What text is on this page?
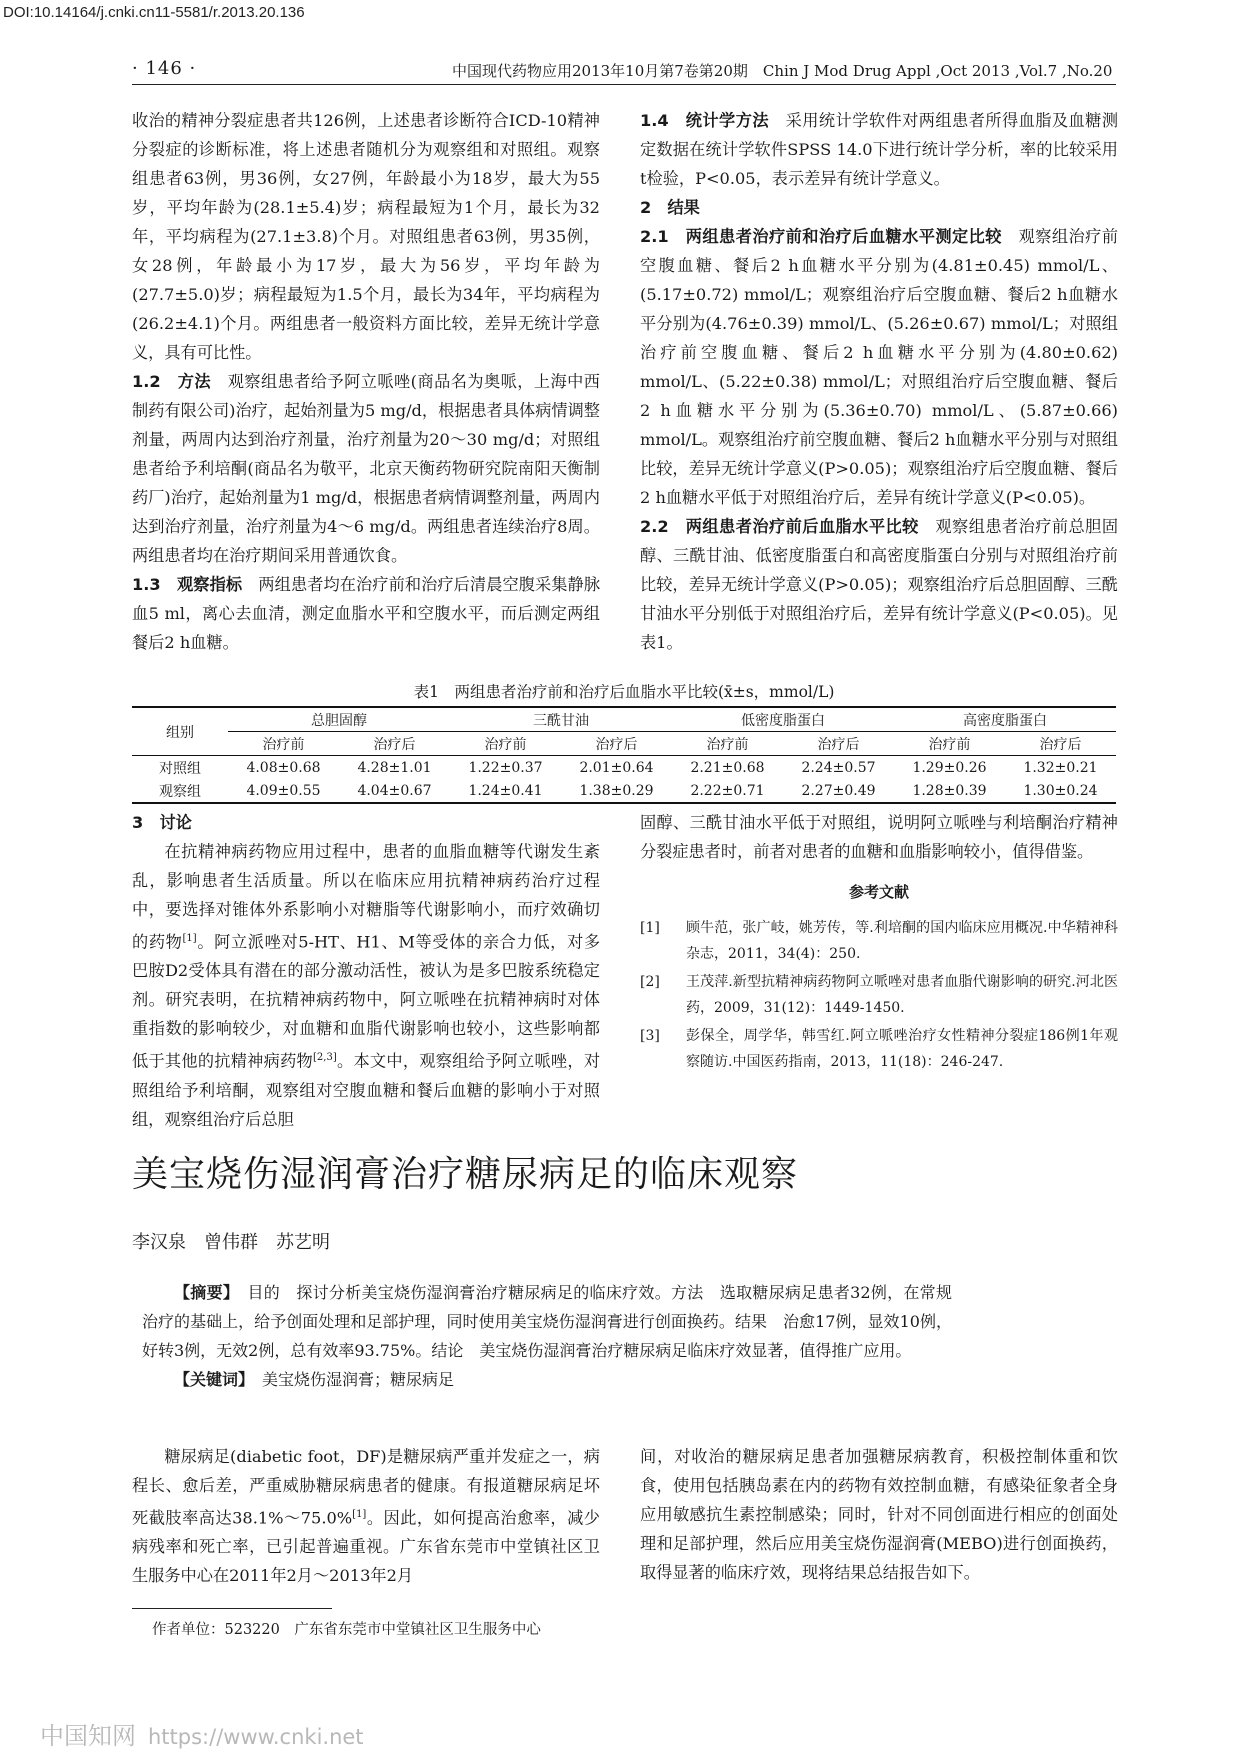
DOI:10.14164/j.cnki.cn11-5581/r.2013.20.136
· 146 ·	中国现代药物应用2013年10月第7卷第20期　Chin J Mod Drug Appl ,Oct 2013 ,Vol.7 ,No.20

收治的精神分裂症患者共126例，上述患者诊断符合ICD-10精神分裂症的诊断标准，将上述患者随机分为观察组和对照组。观察组患者63例，男36例，女27例，年龄最小为18岁，最大为55岁，平均年龄为(28.1±5.4)岁；病程最短为1个月，最长为32年，平均病程为(27.1±3.8)个月。对照组患者63例，男35例，女28例，年龄最小为17岁，最大为56岁，平均年龄为(27.7±5.0)岁；病程最短为1.5个月，最长为34年，平均病程为(26.2±4.1)个月。两组患者一般资料方面比较，差异无统计学意义，具有可比性。

1.2　方法　 观察组患者给予阿立哌唑(商品名为奥哌，上海中西制药有限公司)治疗，起始剂量为5 mg/d，根据患者具体病情调整剂量，两周内达到治疗剂量，治疗剂量为20～30 mg/d；对照组患者给予利培酮(商品名为敬平，北京天衡药物研究院南阳天衡制药厂)治疗，起始剂量为1 mg/d，根据患者病情调整剂量，两周内达到治疗剂量，治疗剂量为4～6 mg/d。两组患者连续治疗8周。两组患者均在治疗期间采用普通饮食。

1.3　观察指标　 两组患者均在治疗前和治疗后清晨空腹采集静脉血5 ml，离心去血清，测定血脂水平和空腹水平，而后测定两组餐后2 h血糖。

1.4　统计学方法　 采用统计学软件对两组患者所得血脂及血糖测定数据在统计学软件SPSS 14.0下进行统计学分析，率的比较采用t检验，P<0.05，表示差异有统计学意义。

2　结果

2.1　两组患者治疗前和治疗后血糖水平测定比较　 观察组治疗前空腹血糖、餐后2 h血糖水平分别为(4.81±0.45) mmol/L、(5.17±0.72) mmol/L；观察组治疗后空腹血糖、餐后2 h血糖水平分别为(4.76±0.39) mmol/L、(5.26±0.67) mmol/L；对照组治疗前空腹血糖、餐后2 h血糖水平分别为(4.80±0.62) mmol/L、(5.22±0.38) mmol/L；对照组治疗后空腹血糖、餐后2 h血糖水平分别为(5.36±0.70) mmol/L、(5.87±0.66) mmol/L。观察组治疗前空腹血糖、餐后2 h血糖水平分别与对照组比较，差异无统计学意义(P>0.05)；观察组治疗后空腹血糖、餐后2 h血糖水平低于对照组治疗后，差异有统计学意义(P<0.05)。

2.2　两组患者治疗前后血脂水平比较　 观察组患者治疗前总胆固醇、三酰甘油、低密度脂蛋白和高密度脂蛋白分别与对照组治疗前比较，差异无统计学意义(P>0.05)；观察组治疗后总胆固醇、三酰甘油水平分别低于对照组治疗后，差异有统计学意义(P<0.05)。见表1。

表1　两组患者治疗前和治疗后血脂水平比较(x̄±s，mmol/L)
组别	总胆固醇		三酰甘油		低密度脂蛋白		高密度脂蛋白	
	治疗前	治疗后	治疗前	治疗后	治疗前	治疗后	治疗前	治疗后
对照组	4.08±0.68	4.28±1.01	1.22±0.37	2.01±0.64	2.21±0.68	2.24±0.57	1.29±0.26	1.32±0.21
观察组	4.09±0.55	4.04±0.67	1.24±0.41	1.38±0.29	2.22±0.71	2.27±0.49	1.28±0.39	1.30±0.24

3　讨论

在抗精神病药物应用过程中，患者的血脂血糖等代谢发生紊乱，影响患者生活质量。所以在临床应用抗精神病药治疗过程中，要选择对锥体外系影响小对糖脂等代谢影响小，而疗效确切的药物[1]。阿立派唑对5-HT、H1、M等受体的亲合力低，对多巴胺D2受体具有潜在的部分激动活性，被认为是多巴胺系统稳定剂。研究表明，在抗精神病药物中，阿立哌唑在抗精神病时对体重指数的影响较少，对血糖和血脂代谢影响也较小，这些影响都低于其他的抗精神病药物[2,3]。本文中，观察组给予阿立哌唑，对照组给予利培酮，观察组对空腹血糖和餐后血糖的影响小于对照组，观察组治疗后总胆

固醇、三酰甘油水平低于对照组，说明阿立哌唑与利培酮治疗精神分裂症患者时，前者对患者的血糖和血脂影响较小，值得借鉴。

参考文献
[1]	顾牛范，张广岐，姚芳传，等.利培酮的国内临床应用概况.中华精神科杂志，2011，34(4)：250.
[2]	王茂萍.新型抗精神病药物阿立哌唑对患者血脂代谢影响的研究.河北医药，2009，31(12)：1449-1450.
[3]	彭保全，周学华，韩雪红.阿立哌唑治疗女性精神分裂症186例1年观察随访.中国医药指南，2013，11(18)：246-247.
美宝烧伤湿润膏治疗糖尿病足的临床观察
李汉泉　曾伟群　苏艺明

【摘要】　 目的　探讨分析美宝烧伤湿润膏治疗糖尿病足的临床疗效。方法　选取糖尿病足患者32例，在常规治疗的基础上，给予创面处理和足部护理，同时使用美宝烧伤湿润膏进行创面换药。结果　治愈17例，显效10例，好转3例，无效2例，总有效率93.75%。结论　美宝烧伤湿润膏治疗糖尿病足临床疗效显著，值得推广应用。

【关键词】　 美宝烧伤湿润膏；糖尿病足

糖尿病足(diabetic foot，DF)是糖尿病严重并发症之一，病程长、愈后差，严重威胁糖尿病患者的健康。有报道糖尿病足坏死截肢率高达38.1%～75.0%[1]。因此，如何提高治愈率，减少病残率和死亡率，已引起普遍重视。广东省东莞市中堂镇社区卫生服务中心在2011年2月～2013年2月

间，对收治的糖尿病足患者加强糖尿病教育，积极控制体重和饮食，使用包括胰岛素在内的药物有效控制血糖，有感染征象者全身应用敏感抗生素控制感染；同时，针对不同创面进行相应的创面处理和足部护理，然后应用美宝烧伤湿润膏(MEBO)进行创面换药，取得显著的临床疗效，现将结果总结报告如下。

作者单位：523220　广东省东莞市中堂镇社区卫生服务中心
中国知网 https://www.cnki.net
